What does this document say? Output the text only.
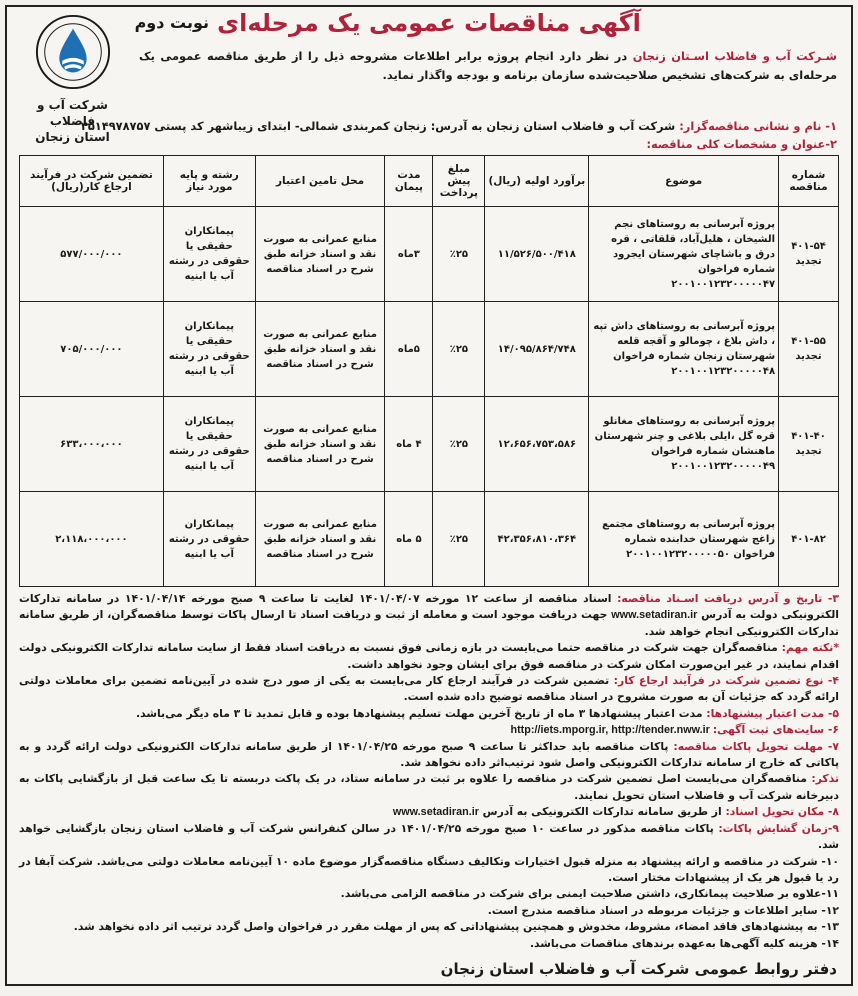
نوبت دوم آگهی مناقصات عمومی یک مرحله‌ای
شرکت آب و فاضلاب
استان زنجان
شـرکت آب و فاضلاب اسـتان زنجان در نظر دارد انجام پروژه برابر اطلاعات مشروحه ذیل را از طریق مناقصه عمومی یک مرحله‌ای به شرکت‌های تشخیص صلاحیت‌شده سازمان برنامه و بودجه واگذار نماید.
۱- نام و نشانی مناقصه‌گزار: شرکت آب و فاضلاب استان زنجان به آدرس: زنجان کمربندی شمالی- ابتدای زیباشهر کد پستی ۴۵۱۴۹۷۸۷۵۷
۲-عنوان و مشخصات کلی مناقصه:
شماره مناقصه	موضوع	برآورد اولیه (ریال)	مبلغ پیش پرداخت	مدت پیمان	محل تامین اعتبار	رشته و پایه مورد نیاز	تضمین شرکت در فرآیند ارجاع کار(ریال)
۴۰۱-۵۴ تجدید	پروژه آبرسانی به روستاهای نجم الشیخان ، هلیل‌آباد، قلقاتی ، قره درق و باشاچای شهرستان ایجرود شماره فراخوان ۲۰۰۱۰۰۱۲۳۲۰۰۰۰۰۴۷	۱۱/۵۲۶/۵۰۰/۴۱۸	٪۲۵	۳ماه	منابع عمرانی به صورت نقد و اسناد خزانه طبق شرح در اسناد مناقصه	پیمانکاران حقیقی یا حقوقی در رشته آب یا ابنیه	۵۷۷/۰۰۰/۰۰۰
۴۰۱-۵۵ تجدید	پروژه آبرسانی به روستاهای داش تپه ، داش بلاغ ، چومالو و آقجه قلعه شهرستان زنجان شماره فراخوان ۲۰۰۱۰۰۱۲۳۲۰۰۰۰۰۴۸	۱۴/۰۹۵/۸۶۴/۷۴۸	٪۲۵	۵ماه	منابع عمرانی به صورت نقد و اسناد خزانه طبق شرح در اسناد مناقصه	پیمانکاران حقیقی یا حقوقی در رشته آب یا ابنیه	۷۰۵/۰۰۰/۰۰۰
۴۰۱-۴۰ تجدید	پروژه آبرسانی به روستاهای مغانلو قره گل ،ایلی بلاغی و چنر شهرستان ماهنشان شماره فراخوان ۲۰۰۱۰۰۱۲۳۲۰۰۰۰۰۴۹	۱۲،۶۵۶،۷۵۳،۵۸۶	٪۲۵	۴ ماه	منابع عمرانی به صورت نقد و اسناد خزانه طبق شرح در اسناد مناقصه	پیمانکاران حقیقی یا حقوقی در رشته آب یا ابنیه	۶۳۳،۰۰۰،۰۰۰
۴۰۱-۸۲	پروژه آبرسانی به روستاهای مجتمع زاغج شهرستان خدابنده شماره فراخوان ۲۰۰۱۰۰۱۲۳۲۰۰۰۰۰۵۰	۴۲،۳۵۶،۸۱۰،۳۶۴	٪۲۵	۵ ماه	منابع عمرانی به صورت نقد و اسناد خزانه طبق شرح در اسناد مناقصه	پیمانکاران حقوقی در رشته آب یا ابنیه	۲،۱۱۸،۰۰۰،۰۰۰

۳- تاریخ و آدرس دریافت اسـناد مناقصه: اسناد مناقصه از ساعت ۱۲ مورخه ۱۴۰۱/۰۴/۰۷ لغایت تا ساعت ۹ صبح مورخه ۱۴۰۱/۰۴/۱۴ در سامانه تدارکات الکترونیکی دولت به آدرس www.setadiran.ir جهت دریافت موجود است و معامله از ثبت و دریافت اسناد تا ارسال پاکات توسط مناقصه‌گران، از طریق سامانه تدارکات الکترونیکی انجام خواهد شد.

*نکته مهم: مناقصه‌گران جهت شرکت در مناقصه حتما می‌بایست در بازه زمانی فوق نسبت به دریافت اسناد فقط از سایت سامانه تدارکات الکترونیکی دولت اقدام نمایند، در غیر این‌صورت امکان شرکت در مناقصه فوق برای ایشان وجود نخواهد داشت.

۴- نوع تضمین شرکت در فرآیند ارجاع کار: تضمین شرکت در فرآیند ارجاع کار می‌بایست به یکی از صور درج شده در آیین‌نامه تضمین برای معاملات دولتی ارائه گردد که جزئیات آن به صورت مشروح در اسناد مناقصه توضیح داده شده است.

۵- مدت اعتبار پیشنهادها: مدت اعتبار پیشنهادها ۳ ماه از تاریخ آخرین مهلت تسلیم پیشنهادها بوده و قابل تمدید تا ۳ ماه دیگر می‌باشد.

۶- سایت‌های ثبت آگهی: http://iets.mporg.ir, http://tender.nww.ir

۷- مهلت تحویل پاکات مناقصه: پاکات مناقصه باید حداکثر تا ساعت ۹ صبح مورخه ۱۴۰۱/۰۴/۲۵ از طریق سامانه تدارکات الکترونیکی دولت ارائه گردد و به پاکاتی که خارج از سامانه تدارکات الکترونیکی واصل شود ترتیب‌اثر داده نخواهد شد.

تذکر: مناقصه‌گران می‌بایست اصل تضمین شرکت در مناقصه را علاوه بر ثبت در سامانه ستاد، در یک پاکت دربسته تا یک ساعت قبل از بازگشایی پاکات به دبیرخانه شرکت آب و فاضلاب استان تحویل نمایند.

۸- مکان تحویل اسناد: از طریق سامانه تدارکات الکترونیکی به آدرس www.setadiran.ir

۹-زمان گشایش پاکات: پاکات مناقصه مذکور در ساعت ۱۰ صبح مورخه ۱۴۰۱/۰۴/۲۵ در سالن کنفرانس شرکت آب و فاضلاب استان زنجان بازگشایی خواهد شد.

۱۰- شرکت در مناقصه و ارائه پیشنهاد به منزله قبول اختیارات وتکالیف دستگاه مناقصه‌گزار موضوع ماده ۱۰ آیین‌نامه معاملات دولتی می‌باشد. شرکت آبفا در رد یا قبول هر یک از پیشنهادات مختار است.

۱۱-علاوه بر صلاحیت پیمانکاری، داشتن صلاحیت ایمنی برای شرکت در مناقصه الزامی می‌باشد.

۱۲- سایر اطلاعات و جزئیات مربوطه در اسناد مناقصه مندرج است.

۱۳- به پیشنهادهای فاقد امضاء، مشروط، مخدوش و همچنین پیشنهاداتی که پس از مهلت مقرر در فراخوان واصل گردد ترتیب اثر داده نخواهد شد.

۱۴- هزینه کلیه آگهی‌ها به‌عهده برندهای مناقصات می‌باشد.

دفتر روابط عمومی شرکت آب و فاضلاب استان زنجان
